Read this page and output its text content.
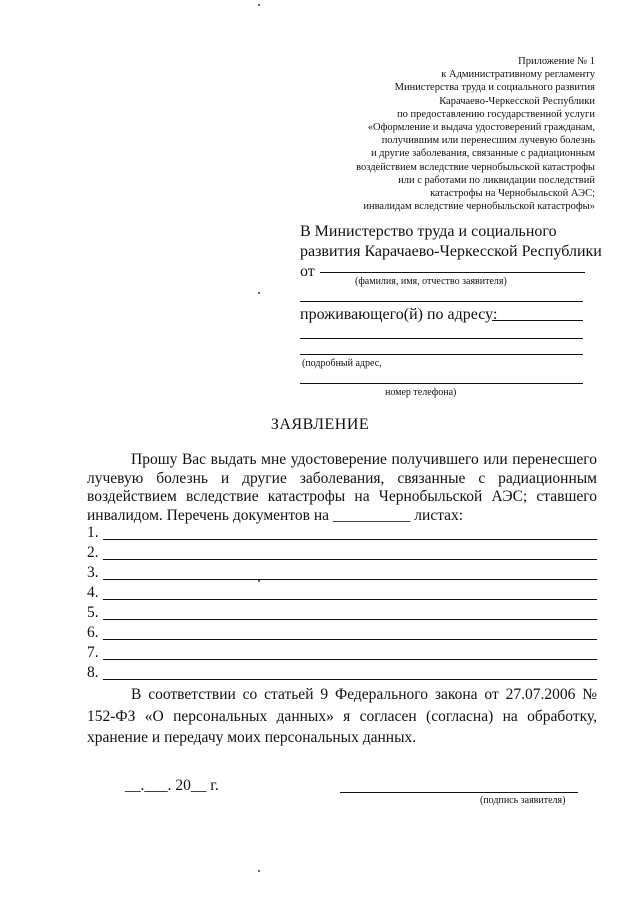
Приложение № 1
к Административному регламенту
Министерства труда и социального развития
Карачаево-Черкесской Республики
по предоставлению государственной услуги
«Оформление и выдача удостоверений гражданам,
получившим или перенесшим лучевую болезнь
и другие заболевания, связанные с радиационным
воздействием вследствие чернобыльской катастрофы
или с работами по ликвидации последствий
катастрофы на Чернобыльской АЭС;
инвалидам вследствие чернобыльской катастрофы»
В Министерство труда и социального
развития Карачаево-Черкесской Республики
от
(фамилия, имя, отчество заявителя)
проживающего(й) по адресу:
(подробный адрес,
номер телефона)
ЗАЯВЛЕНИЕ
Прошу Вас выдать мне удостоверение получившего или перенесшего лучевую болезнь и другие заболевания, связанные с радиационным воздействием вследствие катастрофы на Чернобыльской АЭС; ставшего инвалидом. Перечень документов на __________ листах:
1.
2.
3.
4.
5.
6.
7.
8.
В соответствии со статьей 9 Федерального закона от 27.07.2006 № 152-ФЗ «О персональных данных» я согласен (согласна) на обработку, хранение и передачу моих персональных данных.
__.___. 20__ г.
(подпись заявителя)
